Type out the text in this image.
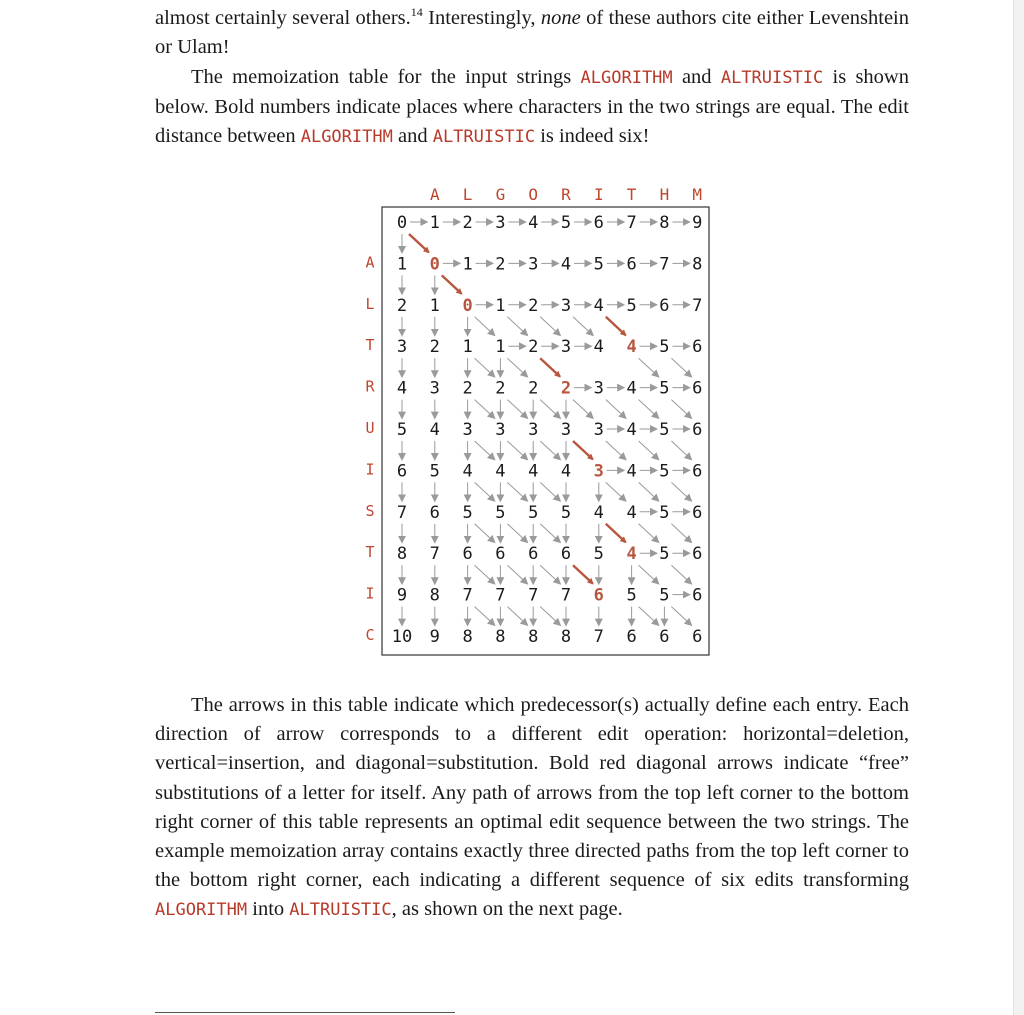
almost certainly several others.$^{14}$ Interestingly, none of these authors cite either Levenshtein or Ulam!

The memoization table for the input strings ALGORITHM and ALTRUISTIC is shown below. Bold numbers indicate places where characters in the two strings are equal. The edit distance between ALGORITHM and ALTRUISTIC is indeed six!

A L G O R I T H M
A
L
T
R
U
I
S
T
I
C
0 1 2 3 4 5 6 7 8 9
1 0 1 2 3 4 5 6 7 8
2 1 0 1 2 3 4 5 6 7
3 2 1 1 2 3 4 4 5 6
4 3 2 2 2 2 3 4 5 6
5 4 3 3 3 3 3 4 5 6
6 5 4 4 4 4 3 4 5 6
7 6 5 5 5 5 4 4 5 6
8 7 6 6 6 6 5 4 5 6
9 8 7 7 7 7 6 5 5 6
10 9 8 8 8 8 7 6 6 6

The arrows in this table indicate which predecessor(s) actually define each entry. Each direction of arrow corresponds to a different edit operation: horizontal=deletion, vertical=insertion, and diagonal=substitution. Bold red diagonal arrows indicate “free” substitutions of a letter for itself. Any path of arrows from the top left corner to the bottom right corner of this table represents an optimal edit sequence between the two strings. The example memoization array contains exactly three directed paths from the top left corner to the bottom right corner, each indicating a different sequence of six edits transforming ALGORITHM into ALTRUISTIC, as shown on the next page.
